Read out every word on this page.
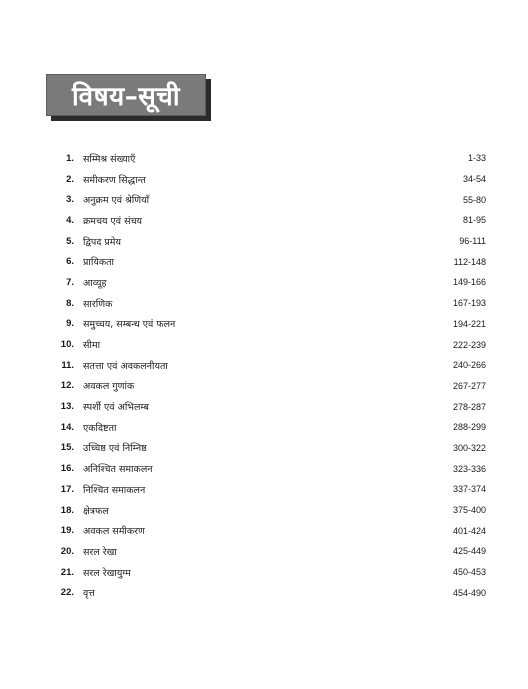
विषय–सूची
1. सम्मिश्र संख्याएँ	1-33
2. समीकरण सिद्धान्त	34-54
3. अनुक्रम एवं श्रेणियाँ	55-80
4. क्रमचय एवं संचय	81-95
5. द्विपद प्रमेय	96-111
6. प्रायिकता	112-148
7. आव्यूह	149-166
8. सारणिक	167-193
9. समुच्चय, सम्बन्ध एवं फलन	194-221
10. सीमा	222-239
11. सतत्ता एवं अवकलनीयता	240-266
12. अवकल गुणांक	267-277
13. स्पर्शी एवं अभिलम्ब	278-287
14. एकदिष्टता	288-299
15. उच्चिष्ठ एवं निम्निष्ठ	300-322
16. अनिश्चित समाकलन	323-336
17. निश्चित समाकलन	337-374
18. क्षेत्रफल	375-400
19. अवकल समीकरण	401-424
20. सरल रेखा	425-449
21. सरल रेखायुग्म	450-453
22. वृत्त	454-490
